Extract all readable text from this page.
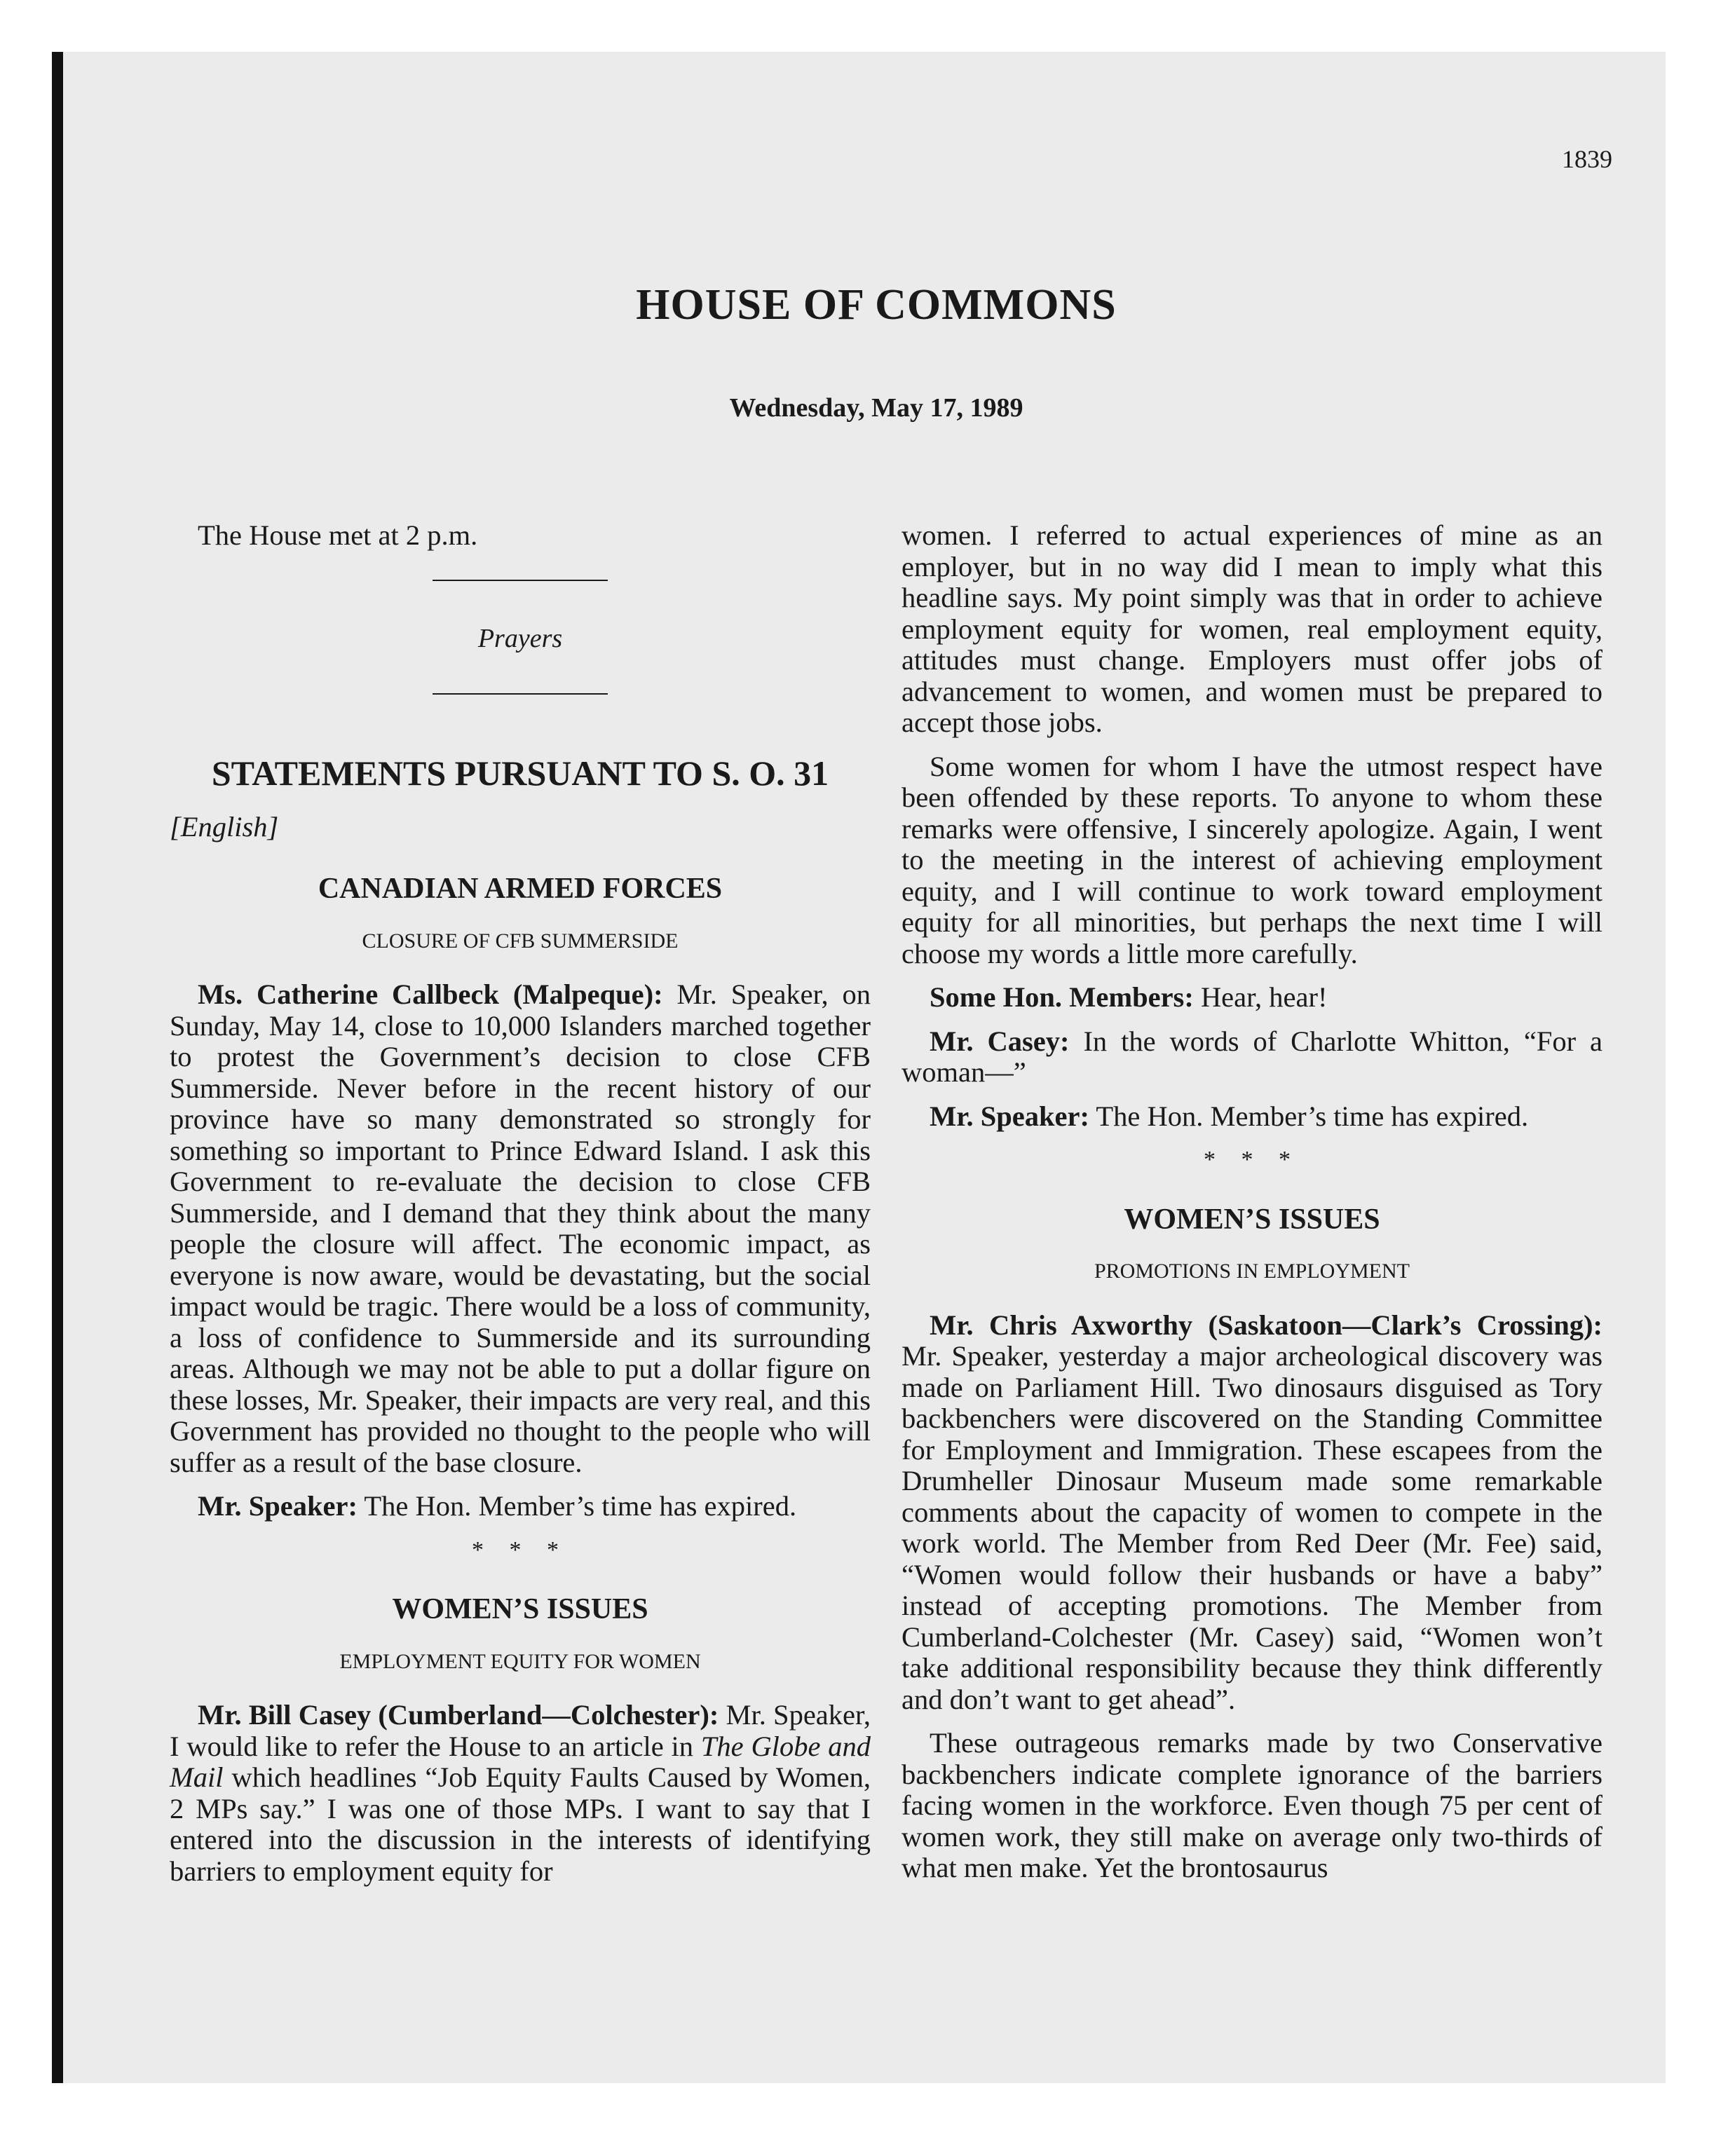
1839
HOUSE OF COMMONS
Wednesday, May 17, 1989

The House met at 2 p.m.

Prayers
STATEMENTS PURSUANT TO S. O. 31
[English]
CANADIAN ARMED FORCES
CLOSURE OF CFB SUMMERSIDE

Ms. Catherine Callbeck (Malpeque): Mr. Speaker, on Sunday, May 14, close to 10,000 Islanders marched together to protest the Government’s decision to close CFB Summerside. Never before in the recent history of our province have so many demonstrated so strongly for something so important to Prince Edward Island. I ask this Government to re-evaluate the decision to close CFB Summerside, and I demand that they think about the many people the closure will affect. The economic impact, as everyone is now aware, would be devastating, but the social impact would be tragic. There would be a loss of community, a loss of confidence to Summerside and its surrounding areas. Although we may not be able to put a dollar figure on these losses, Mr. Speaker, their impacts are very real, and this Government has provided no thought to the people who will suffer as a result of the base closure.

Mr. Speaker: The Hon. Member’s time has expired.

* * *
WOMEN’S ISSUES
EMPLOYMENT EQUITY FOR WOMEN

Mr. Bill Casey (Cumberland—Colchester): Mr. Speaker, I would like to refer the House to an article in The Globe and Mail which headlines “Job Equity Faults Caused by Women, 2 MPs say.” I was one of those MPs. I want to say that I entered into the discussion in the interests of identifying barriers to employment equity for

women. I referred to actual experiences of mine as an employer, but in no way did I mean to imply what this headline says. My point simply was that in order to achieve employment equity for women, real employment equity, attitudes must change. Employers must offer jobs of advancement to women, and women must be prepared to accept those jobs.

Some women for whom I have the utmost respect have been offended by these reports. To anyone to whom these remarks were offensive, I sincerely apologize. Again, I went to the meeting in the interest of achieving employment equity, and I will continue to work toward employment equity for all minorities, but perhaps the next time I will choose my words a little more carefully.

Some Hon. Members: Hear, hear!

Mr. Casey: In the words of Charlotte Whitton, “For a woman—”

Mr. Speaker: The Hon. Member’s time has expired.

* * *
WOMEN’S ISSUES
PROMOTIONS IN EMPLOYMENT

Mr. Chris Axworthy (Saskatoon—Clark’s Crossing): Mr. Speaker, yesterday a major archeological discovery was made on Parliament Hill. Two dinosaurs disguised as Tory backbenchers were discovered on the Standing Committee for Employment and Immigration. These escapees from the Drumheller Dinosaur Museum made some remarkable comments about the capacity of women to compete in the work world. The Member from Red Deer (Mr. Fee) said, “Women would follow their husbands or have a baby” instead of accepting promotions. The Member from Cumberland-Colchester (Mr. Casey) said, “Women won’t take additional responsibility because they think differently and don’t want to get ahead”.

These outrageous remarks made by two Conservative backbenchers indicate complete ignorance of the barriers facing women in the workforce. Even though 75 per cent of women work, they still make on average only two-thirds of what men make. Yet the brontosaurus
